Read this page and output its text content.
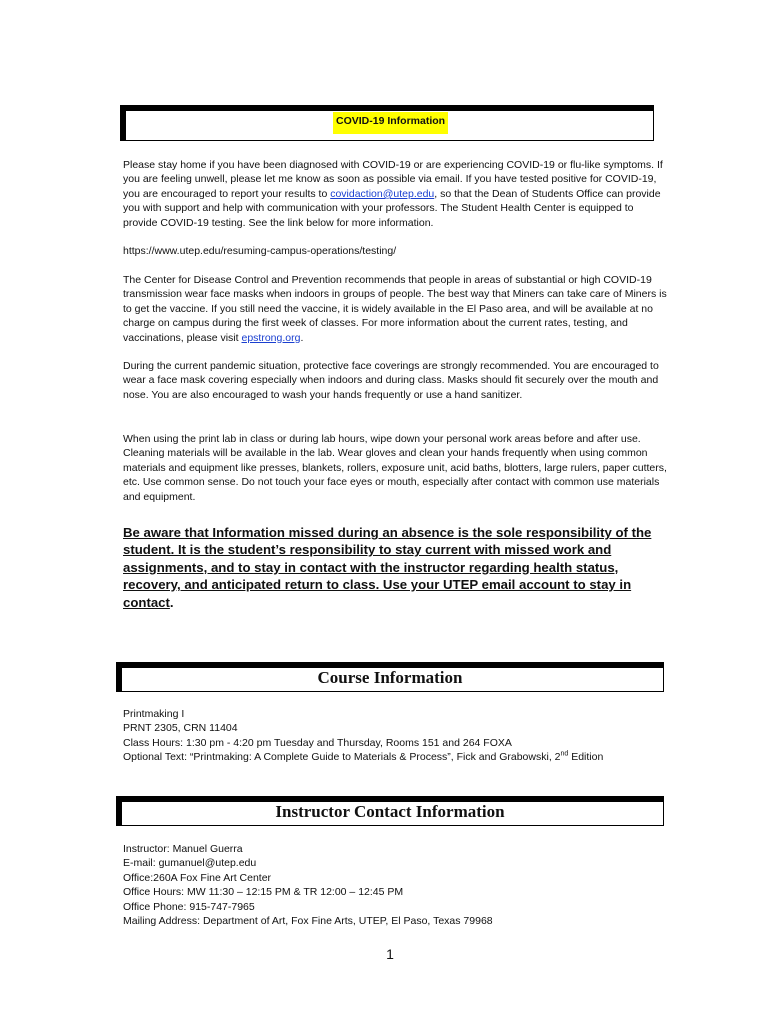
COVID-19 Information

Please stay home if you have been diagnosed with COVID-19 or are experiencing COVID-19 or flu-like symptoms. If you are feeling unwell, please let me know as soon as possible via email. If you have tested positive for COVID-19, you are encouraged to report your results to covidaction@utep.edu, so that the Dean of Students Office can provide you with support and help with communication with your professors. The Student Health Center is equipped to provide COVID-19 testing. See the link below for more information.

https://www.utep.edu/resuming-campus-operations/testing/

The Center for Disease Control and Prevention recommends that people in areas of substantial or high COVID-19 transmission wear face masks when indoors in groups of people. The best way that Miners can take care of Miners is to get the vaccine. If you still need the vaccine, it is widely available in the El Paso area, and will be available at no charge on campus during the first week of classes. For more information about the current rates, testing, and vaccinations, please visit epstrong.org.

During the current pandemic situation, protective face coverings are strongly recommended. You are encouraged to wear a face mask covering especially when indoors and during class. Masks should fit securely over the mouth and nose. You are also encouraged to wash your hands frequently or use a hand sanitizer.

When using the print lab in class or during lab hours, wipe down your personal work areas before and after use. Cleaning materials will be available in the lab. Wear gloves and clean your hands frequently when using common materials and equipment like presses, blankets, rollers, exposure unit, acid baths, blotters, large rulers, paper cutters, etc. Use common sense. Do not touch your face eyes or mouth, especially after contact with common use materials and equipment.

Be aware that Information missed during an absence is the sole responsibility of the student. It is the student’s responsibility to stay current with missed work and assignments, and to stay in contact with the instructor regarding health status, recovery, and anticipated return to class. Use your UTEP email account to stay in contact.

Course Information
Printmaking I
PRNT 2305, CRN 11404
Class Hours: 1:30 pm - 4:20 pm Tuesday and Thursday, Rooms 151 and 264 FOXA
Optional Text: “Printmaking: A Complete Guide to Materials & Process”, Fick and Grabowski, 2nd Edition
Instructor Contact Information
Instructor: Manuel Guerra
E-mail: gumanuel@utep.edu
Office:260A Fox Fine Art Center
Office Hours: MW 11:30 – 12:15 PM & TR 12:00 – 12:45 PM
Office Phone: 915-747-7965
Mailing Address: Department of Art, Fox Fine Arts, UTEP, El Paso, Texas 79968
1
